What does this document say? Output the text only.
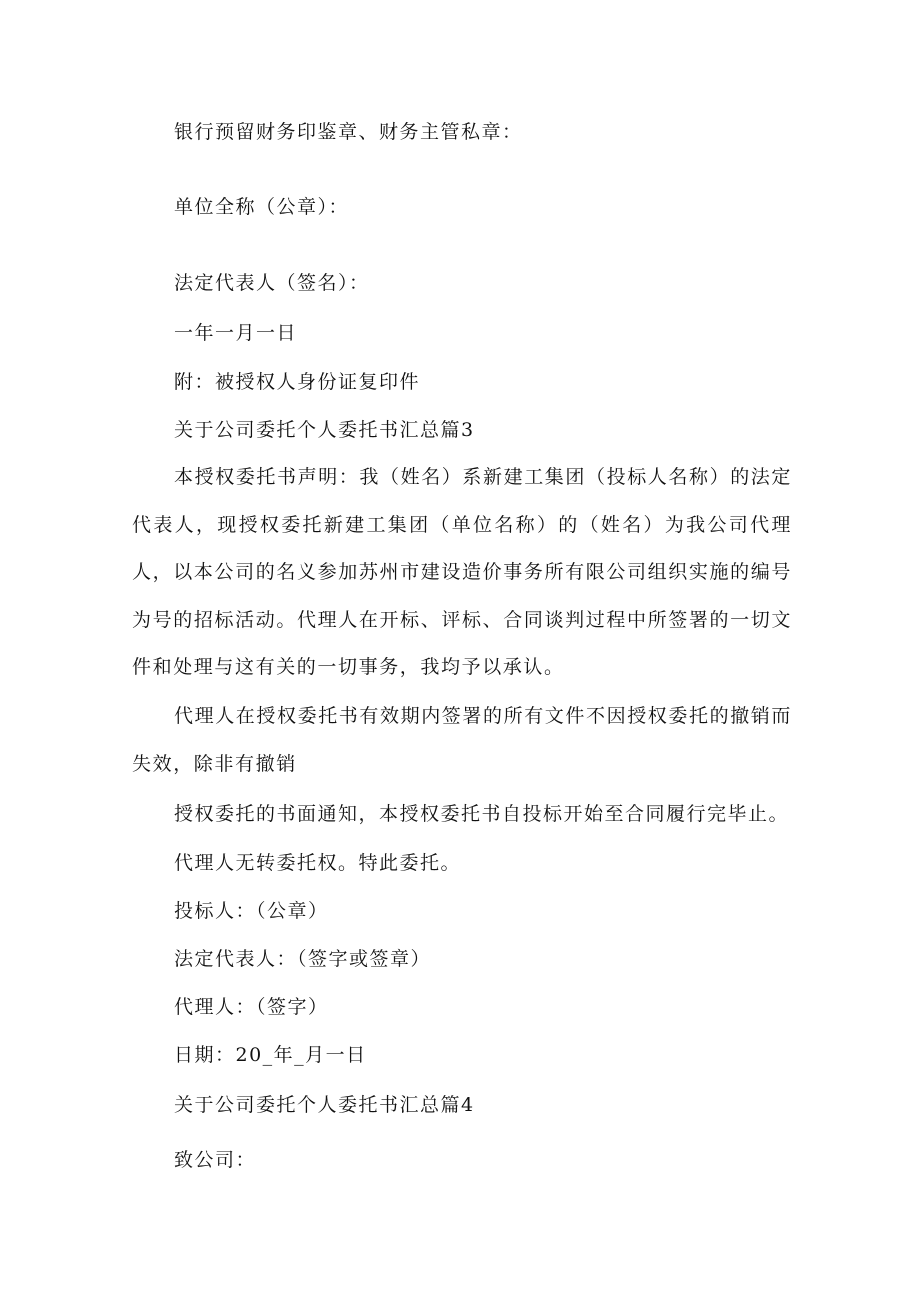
银行预留财务印鉴章、财务主管私章：
单位全称（公章）：
法定代表人（签名）：
一年一月一日
附：被授权人身份证复印件
关于公司委托个人委托书汇总篇3

本授权委托书声明：我（姓名）系新建工集团（投标人名称）的法定代表人，现授权委托新建工集团（单位名称）的（姓名）为我公司代理人，以本公司的名义参加苏州市建设造价事务所有限公司组织实施的编号为号的招标活动。代理人在开标、评标、合同谈判过程中所签署的一切文件和处理与这有关的一切事务，我均予以承认。

代理人在授权委托书有效期内签署的所有文件不因授权委托的撤销而失效，除非有撤销

授权委托的书面通知，本授权委托书自投标开始至合同履行完毕止。
代理人无转委托权。特此委托。
投标人：（公章）
法定代表人：（签字或签章）
代理人：（签字）
日期：20_年_月一日
关于公司委托个人委托书汇总篇4
致公司：
